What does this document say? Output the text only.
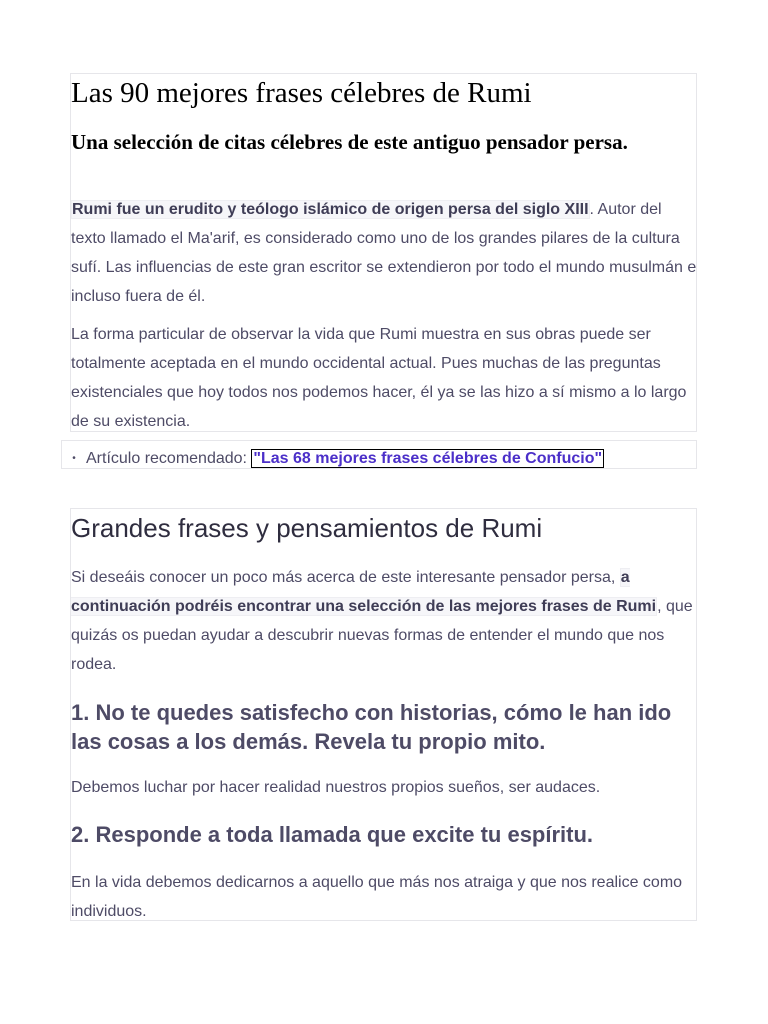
Las 90 mejores frases célebres de Rumi
Una selección de citas célebres de este antiguo pensador persa.

Rumi fue un erudito y teólogo islámico de origen persa del siglo XIII. Autor del texto llamado el Ma'arif, es considerado como uno de los grandes pilares de la cultura sufí. Las influencias de este gran escritor se extendieron por todo el mundo musulmán e incluso fuera de él.

La forma particular de observar la vida que Rumi muestra en sus obras puede ser totalmente aceptada en el mundo occidental actual. Pues muchas de las preguntas existenciales que hoy todos nos podemos hacer, él ya se las hizo a sí mismo a lo largo de su existencia.

• Artículo recomendado: "Las 68 mejores frases célebres de Confucio"
Grandes frases y pensamientos de Rumi

Si deseáis conocer un poco más acerca de este interesante pensador persa, a continuación podréis encontrar una selección de las mejores frases de Rumi, que quizás os puedan ayudar a descubrir nuevas formas de entender el mundo que nos rodea.

1. No te quedes satisfecho con historias, cómo le han ido las cosas a los demás. Revela tu propio mito.

Debemos luchar por hacer realidad nuestros propios sueños, ser audaces.

2. Responde a toda llamada que excite tu espíritu.

En la vida debemos dedicarnos a aquello que más nos atraiga y que nos realice como individuos.
